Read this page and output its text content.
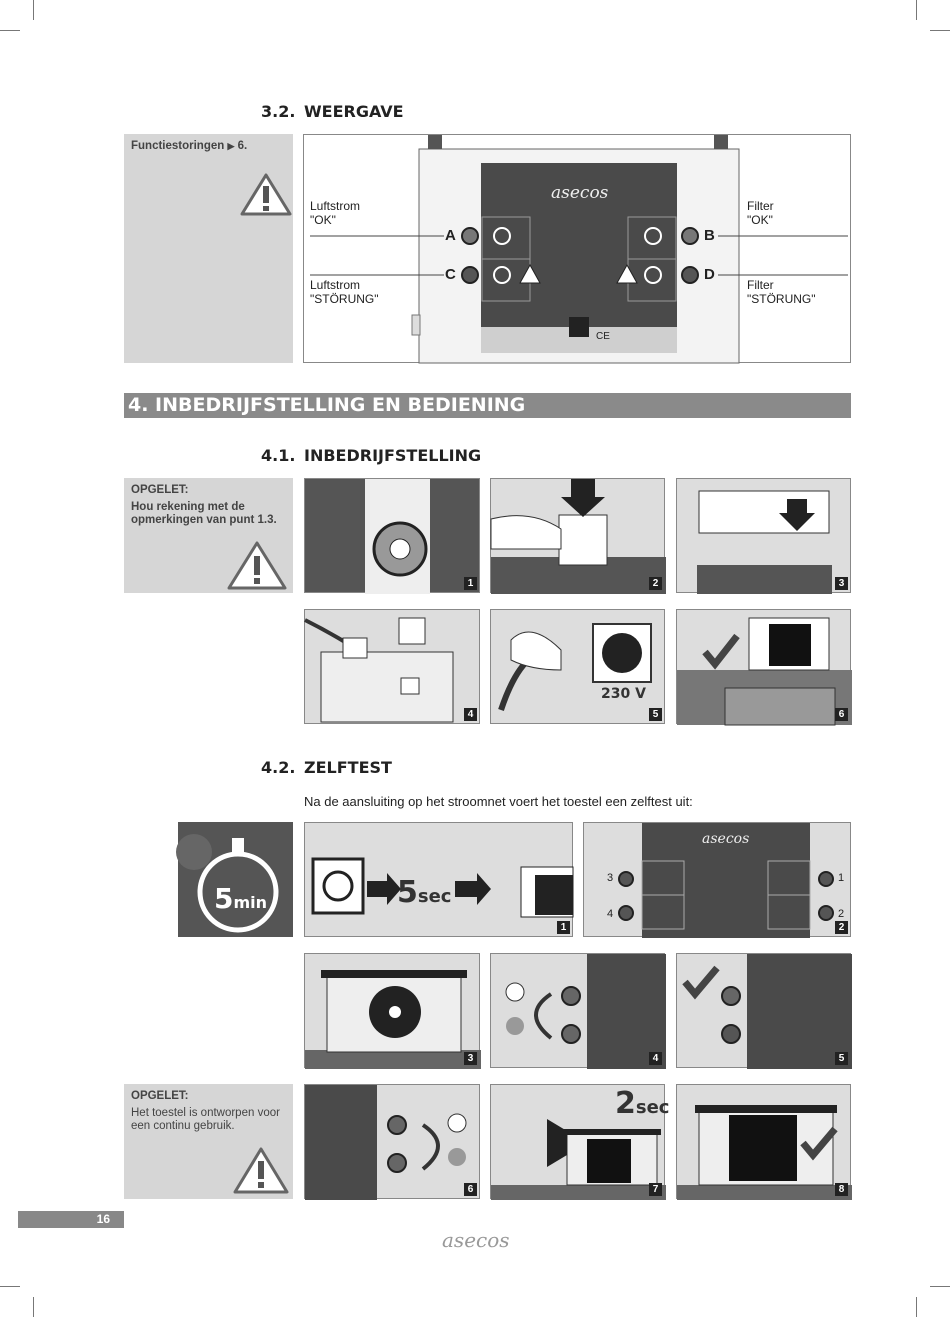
3.2. WEERGAVE
Functiestoringen ▶ 6.
asecos
Luftstrom
"OK"
Luftstrom
"STÖRUNG"
Filter
"OK"
Filter
"STÖRUNG"
A	B
C	D
CE
4. INBEDRIJFSTELLING EN BEDIENING
4.1. INBEDRIJFSTELLING
OPGELET:
Hou rekening met de
opmerkingen van punt 1.3.
1	2	3
4
230 V
5	6
4.2. ZELFTEST
Na de aansluiting op het stroomnet voert het toestel een zelftest uit:
5min	5sec
1
3
4
1
2
asecos
2
3	4	5
OPGELET:
Het toestel is ontworpen voor
een continu gebruik.
6
2sec
7	8
16
asecos
